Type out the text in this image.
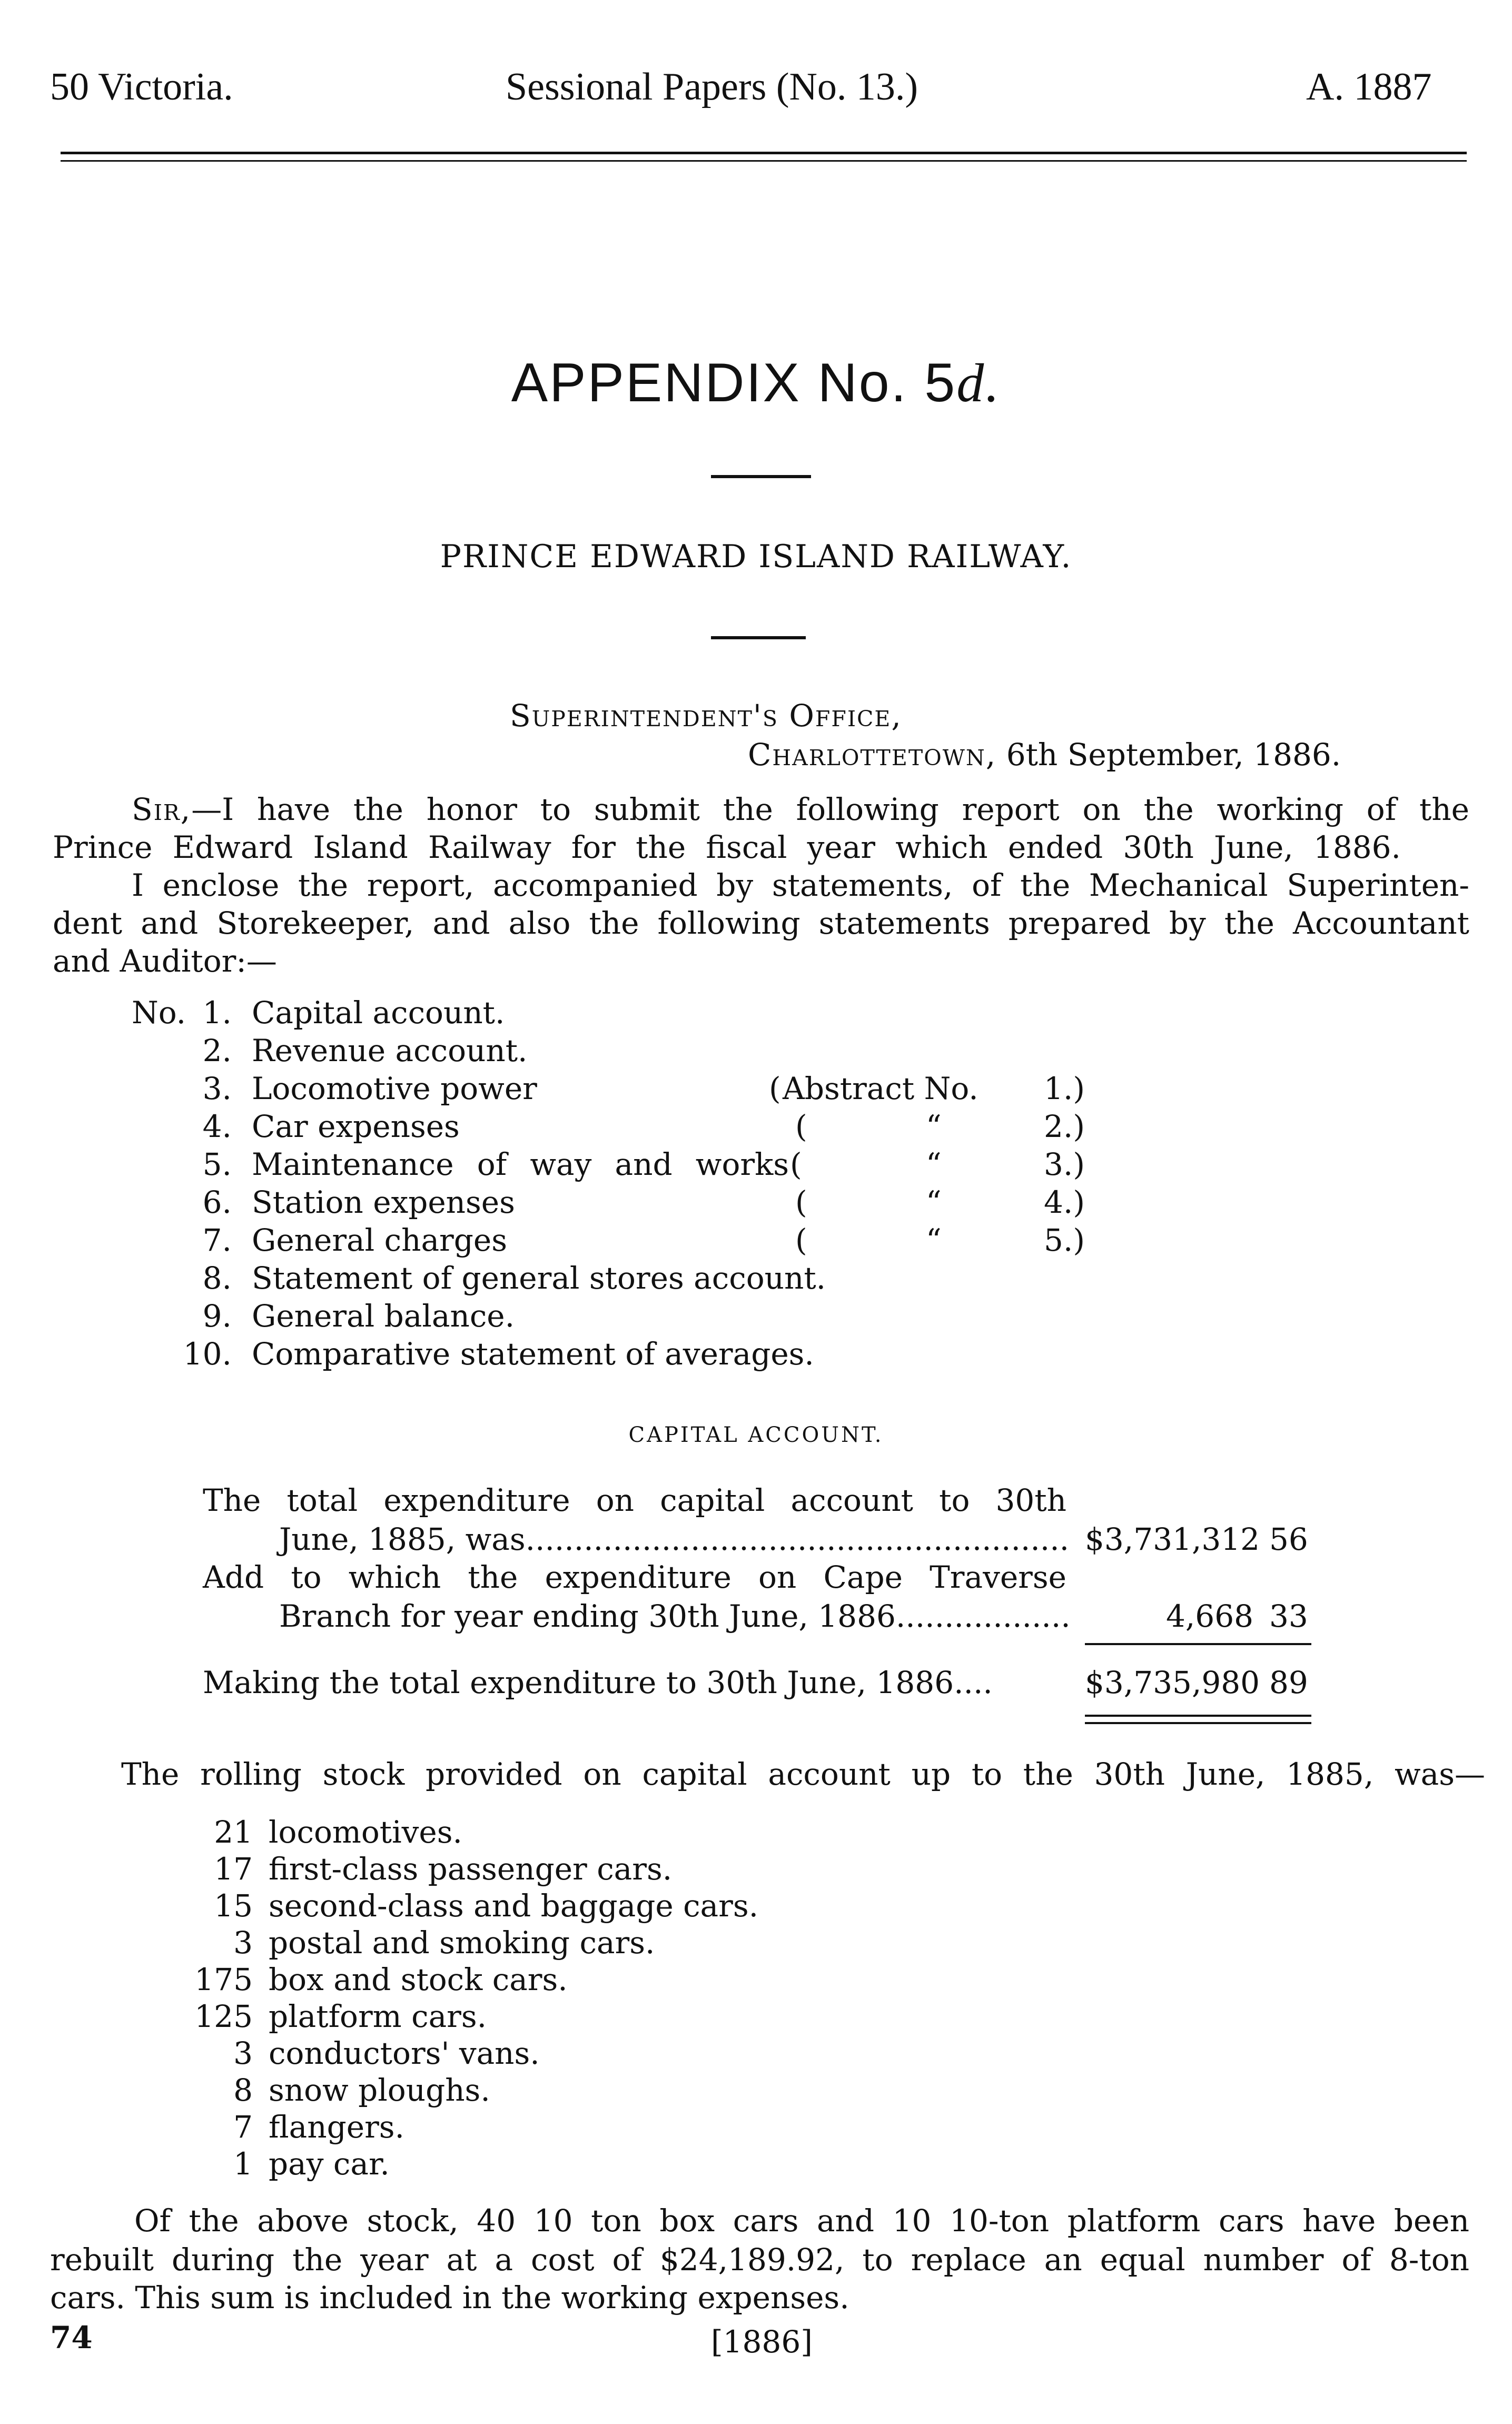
50 Victoria.	Sessional Papers (No. 13.)	A. 1887
APPENDIX No. 5d.
PRINCE EDWARD ISLAND RAILWAY.
Superintendent's Office,
Charlottetown, 6th September, 1886.
Sir,—I have the honor to submit the following report on the working of the
Prince Edward Island Railway for the fiscal year which ended 30th June, 1886.
I enclose the report, accompanied by statements, of the Mechanical Superinten-
dent and Storekeeper, and also the following statements prepared by the Accountant
and Auditor:—
No. 1. Capital account.
2. Revenue account.
3. Locomotive power	( Abstract No.	1.)
4. Car expenses	(	“	2.)
5. Maintenance of way and works (	“	3.)
6. Station expenses	(	“	4.)
7. General charges	(	“	5.)
8. Statement of general stores account.
9. General balance.
10. Comparative statement of averages.
CAPITAL ACCOUNT.
The total expenditure on capital account to 30th
June, 1885, was .....	$3,731,312 56
Add to which the expenditure on Cape Traverse
Branch for year ending 30th June, 1886 .....	4,668 33
Making the total expenditure to 30th June, 1886....	$3,735,980 89
The rolling stock provided on capital account up to the 30th June, 1885, was—
21 locomotives.
17 first-class passenger cars.
15 second-class and baggage cars.
3 postal and smoking cars.
175 box and stock cars.
125 platform cars.
3 conductors' vans.
8 snow ploughs.
7 flangers.
1 pay car.
Of the above stock, 40 10 ton box cars and 10 10-ton platform cars have been
rebuilt during the year at a cost of $24,189.92, to replace an equal number of 8-ton
cars. This sum is included in the working expenses.
74	[1886]
